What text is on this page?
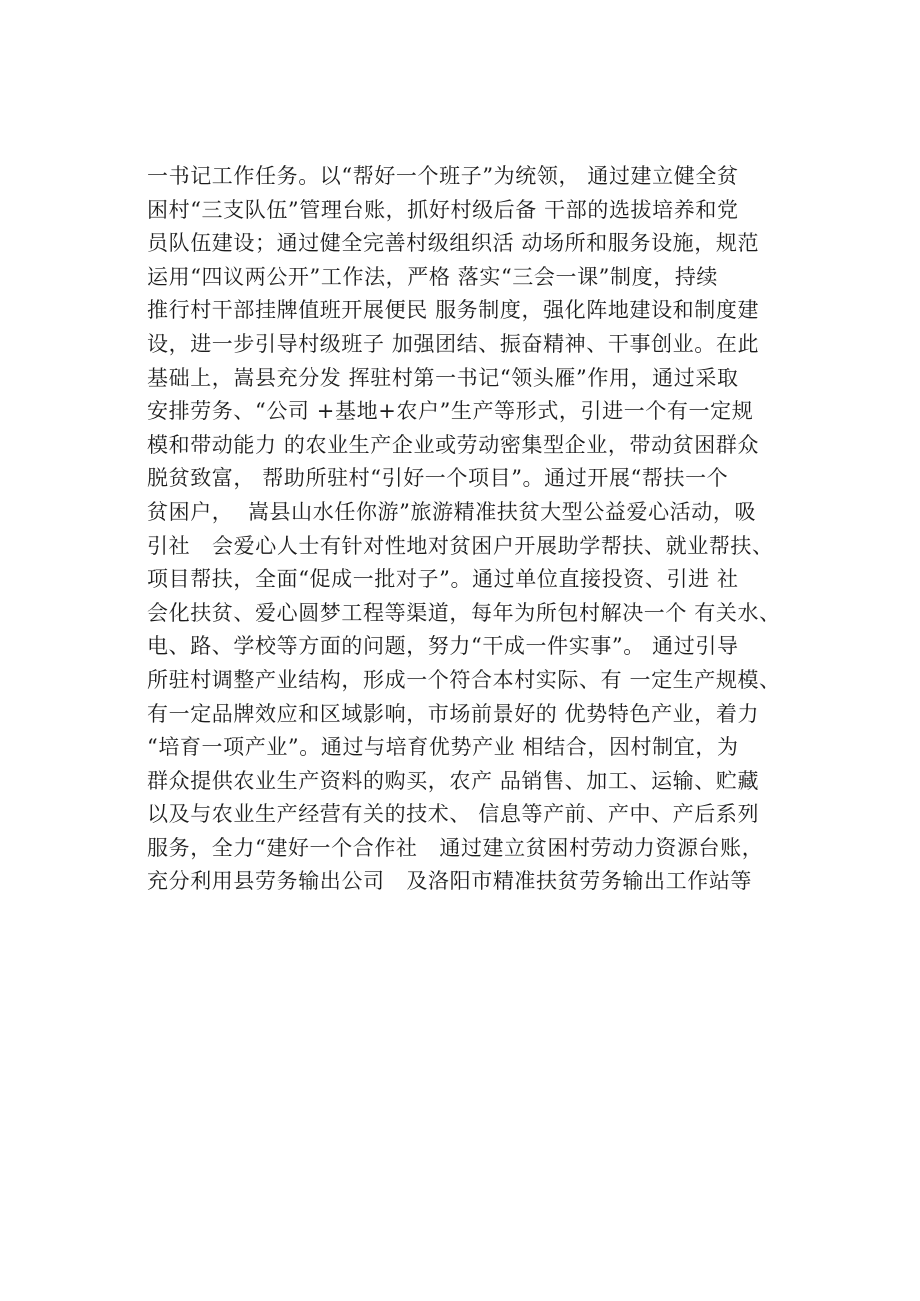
一书记工作任务。以“帮好一个班子”为统领， 通过建立健全贫
困村“三支队伍”管理台账，抓好村级后备 干部的选拔培养和党
员队伍建设；通过健全完善村级组织活 动场所和服务设施，规范
运用“四议两公开”工作法，严格 落实“三会一课”制度，持续
推行村干部挂牌值班开展便民 服务制度，强化阵地建设和制度建
设，进一步引导村级班子 加强团结、振奋精神、干事创业。在此
基础上，嵩县充分发 挥驻村第一书记“领头雁”作用，通过采取
安排劳务、“公司 +基地+农户”生产等形式，引进一个有一定规
模和带动能力 的农业生产企业或劳动密集型企业，带动贫困群众
脱贫致富， 帮助所驻村“引好一个项目”。通过开展“帮扶一个
贫困户，  嵩县山水任你游”旅游精准扶贫大型公益爱心活动，吸
引社   会爱心人士有针对性地对贫困户开展助学帮扶、就业帮扶、
项目帮扶，全面“促成一批对子”。通过单位直接投资、引进 社
会化扶贫、爱心圆梦工程等渠道，每年为所包村解决一个 有关水、
电、路、学校等方面的问题，努力“干成一件实事”。 通过引导
所驻村调整产业结构，形成一个符合本村实际、有 一定生产规模、
有一定品牌效应和区域影响，市场前景好的 优势特色产业，着力
“培育一项产业”。通过与培育优势产业 相结合，因村制宜，为
群众提供农业生产资料的购买，农产 品销售、加工、运输、贮藏
以及与农业生产经营有关的技术、 信息等产前、产中、产后系列
服务，全力“建好一个合作社   通过建立贫困村劳动力资源台账，
充分利用县劳务输出公司   及洛阳市精准扶贫劳务输出工作站等
